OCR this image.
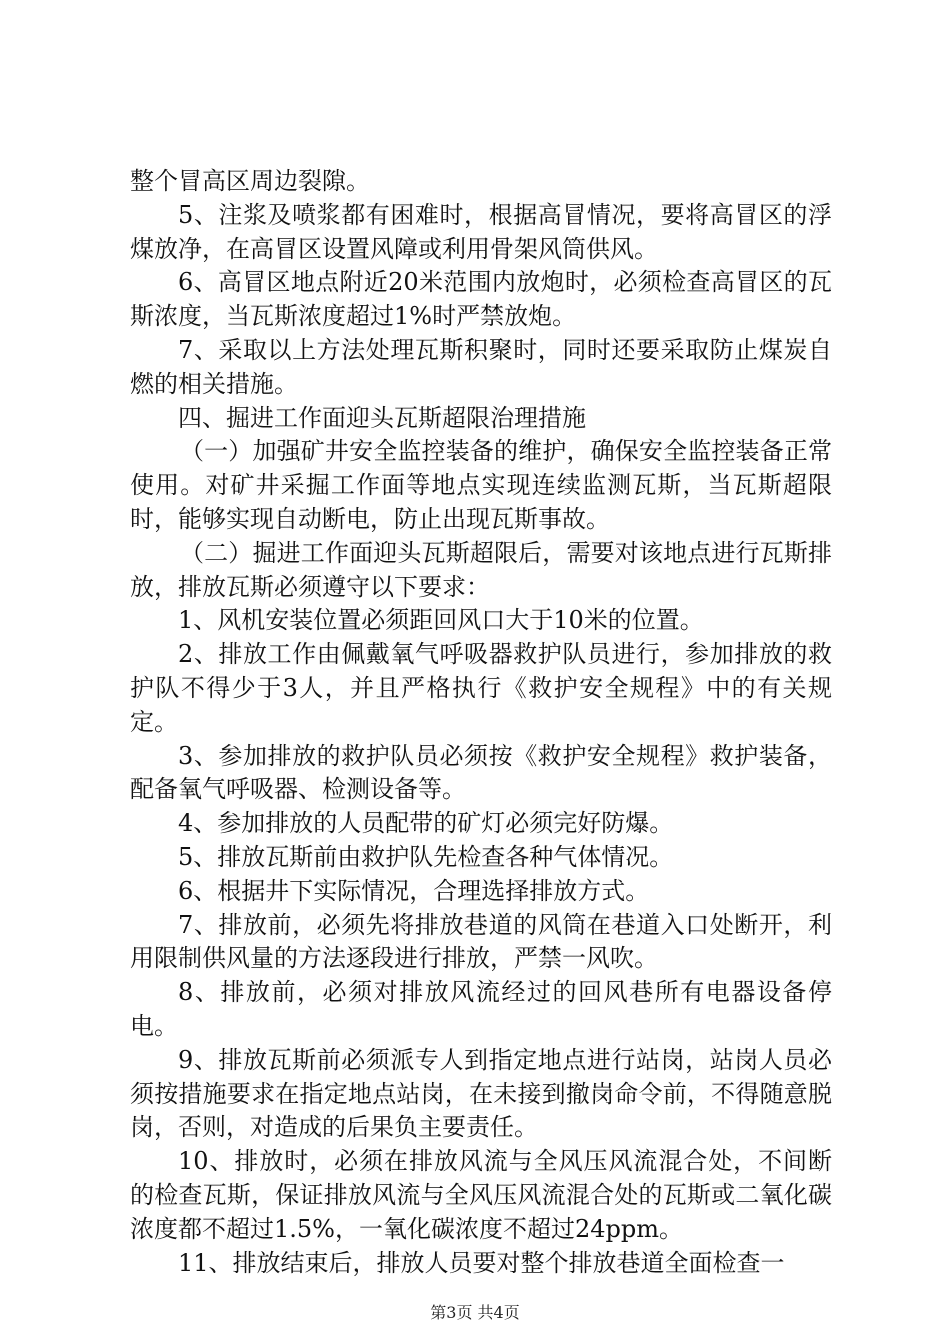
整个冒高区周边裂隙。

5、注浆及喷浆都有困难时，根据高冒情况，要将高冒区的浮煤放净，在高冒区设置风障或利用骨架风筒供风。

6、高冒区地点附近20米范围内放炮时，必须检查高冒区的瓦斯浓度，当瓦斯浓度超过1%时严禁放炮。

7、采取以上方法处理瓦斯积聚时，同时还要采取防止煤炭自燃的相关措施。

四、掘进工作面迎头瓦斯超限治理措施

（一）加强矿井安全监控装备的维护，确保安全监控装备正常使用。对矿井采掘工作面等地点实现连续监测瓦斯，当瓦斯超限时，能够实现自动断电，防止出现瓦斯事故。

（二）掘进工作面迎头瓦斯超限后，需要对该地点进行瓦斯排放，排放瓦斯必须遵守以下要求：

1、风机安装位置必须距回风口大于10米的位置。

2、排放工作由佩戴氧气呼吸器救护队员进行，参加排放的救护队不得少于3人，并且严格执行《救护安全规程》中的有关规定。

3、参加排放的救护队员必须按《救护安全规程》救护装备，配备氧气呼吸器、检测设备等。

4、参加排放的人员配带的矿灯必须完好防爆。

5、排放瓦斯前由救护队先检查各种气体情况。

6、根据井下实际情况，合理选择排放方式。

7、排放前，必须先将排放巷道的风筒在巷道入口处断开，利用限制供风量的方法逐段进行排放，严禁一风吹。

8、排放前，必须对排放风流经过的回风巷所有电器设备停电。

9、排放瓦斯前必须派专人到指定地点进行站岗，站岗人员必须按措施要求在指定地点站岗，在未接到撤岗命令前，不得随意脱岗，否则，对造成的后果负主要责任。

10、排放时，必须在排放风流与全风压风流混合处，不间断的检查瓦斯，保证排放风流与全风压风流混合处的瓦斯或二氧化碳浓度都不超过1.5%，一氧化碳浓度不超过24ppm。

11、排放结束后，排放人员要对整个排放巷道全面检查一

第3页 共4页
